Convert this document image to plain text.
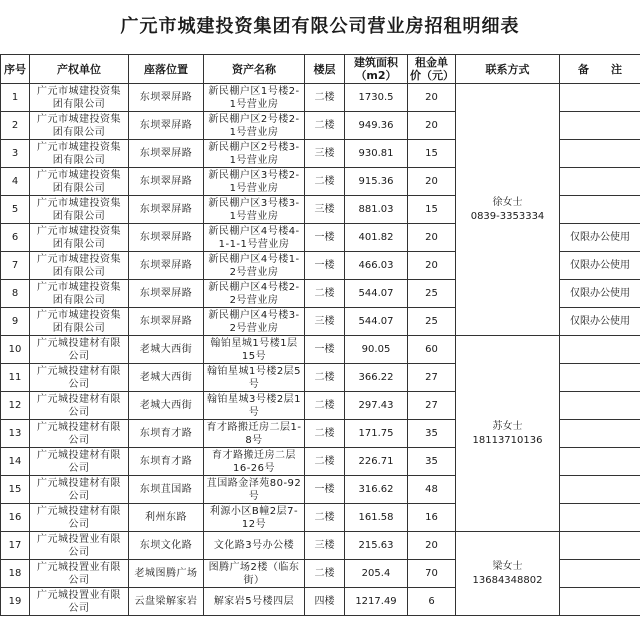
广元市城建投资集团有限公司营业房招租明细表
序号	产权单位	座落位置	资产名称	楼层	建筑面积（m2）	租金单价（元）	联系方式	备　　注
1	广元市城建投资集团有限公司	东坝翠屏路	新民棚户区1号楼2-1号营业房	二楼	1730.5	20	徐女士
0839-3353334	

2	广元市城建投资集团有限公司	东坝翠屏路	新民棚户区2号楼2-1号营业房	二楼	949.36	20		
3	广元市城建投资集团有限公司	东坝翠屏路	新民棚户区2号楼3-1号营业房	三楼	930.81	15		
4	广元市城建投资集团有限公司	东坝翠屏路	新民棚户区3号楼2-1号营业房	二楼	915.36	20		
5	广元市城建投资集团有限公司	东坝翠屏路	新民棚户区3号楼3-1号营业房	三楼	881.03	15		
6	广元市城建投资集团有限公司	东坝翠屏路	新民棚户区4号楼4-1-1-1号营业房	一楼	401.82	20		仅限办公使用
7	广元市城建投资集团有限公司	东坝翠屏路	新民棚户区4号楼1-2号营业房	一楼	466.03	20		仅限办公使用
8	广元市城建投资集团有限公司	东坝翠屏路	新民棚户区4号楼2-2号营业房	二楼	544.07	25		仅限办公使用
9	广元市城建投资集团有限公司	东坝翠屏路	新民棚户区4号楼3-2号营业房	三楼	544.07	25		仅限办公使用
10	广元城投建材有限公司	老城大西街	翰铂星城1号楼1层15号	一楼	90.05	60	苏女士
18113710136	

11	广元城投建材有限公司	老城大西街	翰铂星城1号楼2层5号	二楼	366.22	27		
12	广元城投建材有限公司	老城大西街	翰铂星城3号楼2层1号	二楼	297.43	27		
13	广元城投建材有限公司	东坝育才路	育才路搬迁房二层1-8号	二楼	171.75	35		
14	广元城投建材有限公司	东坝育才路	育才路搬迁房二层16-26号	二楼	226.71	35		
15	广元城投建材有限公司	东坝苴国路	苴国路金泽苑80-92号	一楼	316.62	48		
16	广元城投建材有限公司	利州东路	利源小区B幢2层7-12号	二楼	161.58	16		
17	广元城投置业有限公司	东坝文化路	文化路3号办公楼	三楼	215.63	20	梁女士
13684348802	

18	广元城投置业有限公司	老城图腾广场	图腾广场2楼（临东街）	二楼	205.4	70		
19	广元城投置业有限公司	云盘梁解家岩	解家岩5号楼四层	四楼	1217.49	6		
